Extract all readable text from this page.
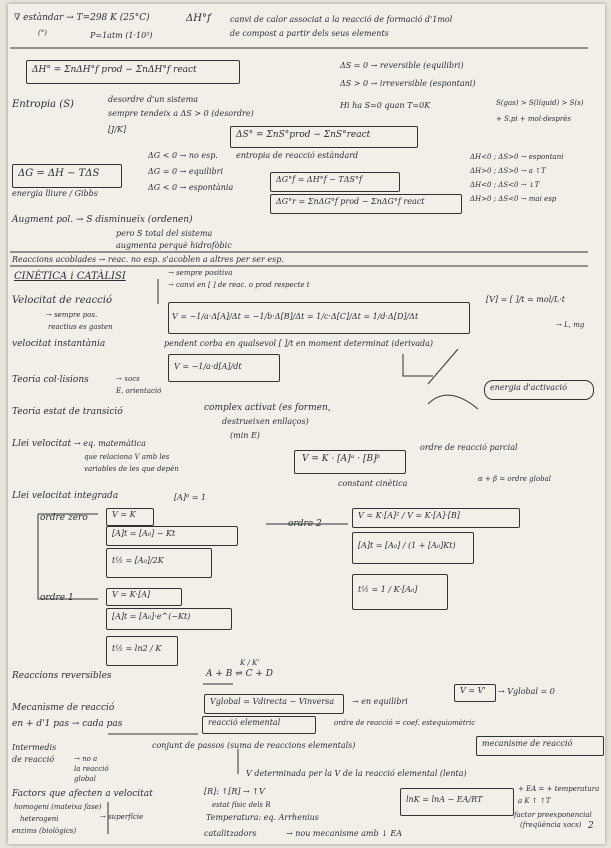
∇ estàndar → T=298 K (25°C)
(°)	P=1atm (1·10⁵)
ΔH°f canvi de calor associat a la reacció de formació d'1mol
de compost a partir dels seus elements
ΔH° = ΣnΔH°f prod − ΣnΔH°f react	ΔS = 0 → reversible (equilibri)
ΔS > 0 → irreversible (espontani)
Entropia (S)	desordre d'un sistema
sempre tendeix a ΔS > 0 (desordre)
[J/K]
Hi ha S=0 quan T=0K	S(gas) > S(líquid) > S(s)
+ S.pi + mol·desprès
ΔS° = ΣnS°prod − ΣnS°react
entropia de reacció estàndard
ΔG = ΔH − TΔS
energia lliure / Gibbs
ΔG < 0 → no esp.
ΔG = 0 → equilibri
ΔG < 0 → espontània
ΔG°f = ΔH°f − TΔS°f
ΔG°r = ΣnΔG°f prod − ΣnΔG°f react
ΔH<0 ; ΔS>0 → espontani
ΔH>0 ; ΔS>0 → a ↑T
ΔH<0 ; ΔS<0 → ↓T
ΔH>0 ; ΔS<0 → mai esp
Augment pol. → S disminueix (ordenen)
pero S total del sistema
augmenta perquè hidrofòbic
Reaccions acoblades → reac. no esp. s'acoblen a altres per ser esp.
CINÈTICA i CATÀLISI
Velocitat de reacció
→ sempre positiva
→ canvi en [ ] de reac. o prod respecte t
→ sempre pos.
reactius es gasten
V = −1/a·Δ[A]/Δt = −1/b·Δ[B]/Δt = 1/c·Δ[C]/Δt = 1/d·Δ[D]/Δt
[V] = [ ]/t = mol/L·t
→ L, mg
velocitat instantània	pendent corba en qualsevol [ ]/t en moment determinat (derivada)
V = −1/a·d[A]/dt
Teoria col·lisions	→ xocs
E, orientació
Teoria estat de transició	complex activat (es formen,
destrueixen enllaços)
(min E)
energia d'activació
Llei velocitat → eq. matemàtica
que relaciona V amb les
variables de les que depèn
V = K · [A]ᵅ · [B]ᵝ
ordre de reacció parcial
constant cinètica	α + β = ordre global
Llei velocitat integrada	[A]⁰ = 1
ordre zero	V = K
[A]t = [A₀] − Kt
t½ = [A₀]/2K
ordre 2
V = K·[A]² / V = K·[A]·[B]
[A]t = [A₀] / (1 + [A₀]Kt)
t½ = 1 / K·[A₀]
ordre 1	V = K·[A]
[A]t = [A₀]·e^(−Kt)
t½ = ln2 / K
Reaccions reversibles	A + B ⇌ C + D
K / K'
Vglobal = Vdirecta − Vinversa → en equilibri
V = V' → Vglobal = 0
Mecanisme de reacció
en + d'1 pas → cada pas	reacció elemental	ordre de reacció = coef. estequiomètric
conjunt de passos (suma de reaccions elementals)	mecanisme de reacció
Intermedis
de reacció	→ no a
la reacció
global
V determinada per la V de la reacció elemental (lenta)
Factors que afecten a velocitat	[R]: ↑[R] → ↑V
estat físic dels R
Temperatura: eq. Arrhenius
catalitzadors	→ nou mecanisme amb ↓ EA
lnK = lnA − EA/RT
+ EA = + temperatura
a K ↑ ↑T
factor preexponencial
(freqüència xocs)
homogeni (mateixa fase)
heterogeni
enzims (biològics)
→ superfície
2
